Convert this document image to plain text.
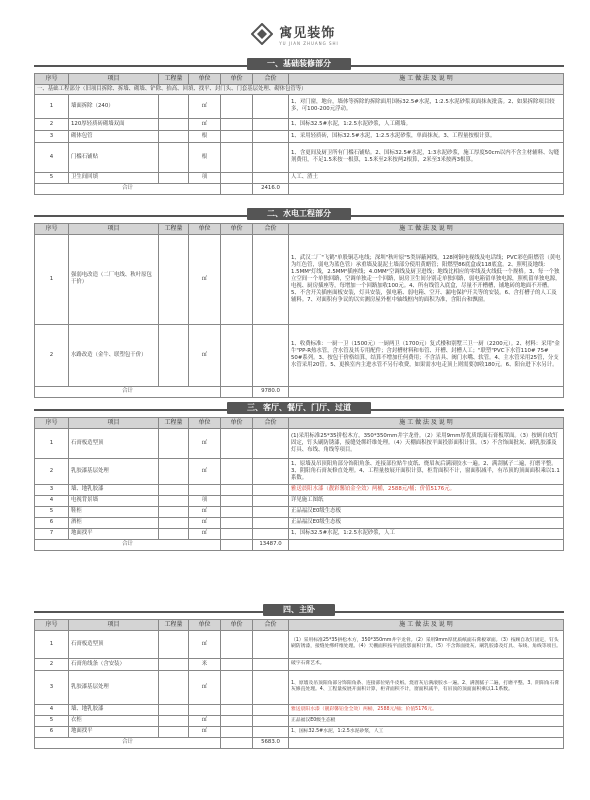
寓见装饰
YU JIAN ZHUANG SHI
一、基础装修部分
序号	项目	工程量	单位	单价	合价	施 工 做 法 及 说 明
一、基础工程部分（旧项目拆除、拆墙、砌墙、铲除、抬高、回填、找平、封门头、门套基层处理、砌体包管等）						
1	墙面拆除（240）		㎡			1、对门窗，地台，墙体等拆除的拆除面用国标32.5#水泥，1:2.5水泥砂浆双面抹灰批荡。2、如果拆除项目较多，可100-200元浮动。
2	120厚轻质砖砌墙双面		㎡			1、国标32.5#水泥，1:2.5水泥砂浆，人工砌墙。
3	砌体包管		根			1、采用轻质砖，国标32.5#水泥，1:2.5水泥砂浆，单面抹灰。3、工程量按根计算。
4	门槛石铺贴		根			1、含更间及厨卫所有门槛石铺贴。2、国标32.5#水泥，1:3水泥砂浆，施工厚度50cm以内不含主材辅料、勾缝剂费用，不足1.5米按一根算，1.5米至2米按两2根算，2米至3米按两3根算。
5	卫生间回填		项			人工、渣土
合计					2416.0	
二、水电工程部分
序号	项目	工程量	单位	单价	合价	施 工 做 法 及 说 明
1	强弱电改造（二厂电线、秋叶原包干价）		㎡			1、武汉二厂"飞鹤"单股铜芯电线；深圳"秋叶原"5类屏蔽网线，128网铜电视线及电话线；PVC彩色阻燃管（黄电为红色管，弱电为蓝色管）承重墙及混泥土墙部分使用黄蜡管；阳燃型86底盒或118底盒。2、照明及地线：1.5MM²灯线，2.5MM²插座线；4.0MM²空调线及厨卫进线；地线比相应的零线及火线低一个规格。3、每一个独立空间一个单独回路，空调单独走一个回路，厨房卫生间分别走单独回路，弱电箱留单独电源，照机留单独电源，电视、厨房插座等，每增加一个回路加收100元。4、所有线管入底盒，尽量不开槽槽，铺地砖的地面不开槽。5、不含开关插座面板安装，灯具安装，强电箱、弱电箱、空开、漏电保护开关等的安装。6、含打槽子的人工及辅料。7、对面积有争议的以实测房屋外框中轴线框内的面积为准，含阳台和飘窗。
2	水路改造（金牛、联塑包干价）		㎡			1、收费标准：一厨一卫（1500元）一厨两卫（1700元）复式楼和别墅三卫一厨（2200元）。2、材料：采用"金牛"PP-R热水管，含水管及其专用配件；含封槽材料和布管、开槽、封槽人工；"联塑"PVC下水管110# 75# 50#系列。3、按包干价格结算，结算不增加任何费用；不含洁具、阀门水嘴、软管。4、主水管采用25管，分支水管采用20管。5、更换室内主进水管不另行收费，如果需水电走顶上则需要加收180元。6、阳台进下水另计。
合计					9780.0	
三、客厅、餐厅、门厅、过道
序号	项目	工程量	单位	单价	合价	施 工 做 法 及 说 明
1	石膏板造型顶		㎡			(1)采用标准25*35拼松木方，350*350mm井字龙骨。（2）采用9mm厚优质纸面石膏板罩面。（3）按顾自攻钉固定，钉头刷防锈漆，接缝处绑纤维处理。（4）天棚面积按平面投影面积计算。（5）不含饰面批灰、刷乳胶漆及灯具、布线、角线等项目。
2	乳胶漆基层处理		㎡			1、原墙及吊顶阳角部分饰阳角条、连接部位贴牛皮纸、烧眉灰后满滚胶水一遍。2、满刮腻子二遍，打磨平整。3、阴阳角石膏灰修直处理。4、工程量按展开面积计算，柜背面积不计，窗面积减半，有吊顶的顶面面积乘以1.1系数。
3	墙、地乳胶漆					雅送晨阳水漆（靓彩馨铂金全效）两桶，2588元/桶；价值5176元。
4	电视背景墙		项			详见施工图纸
5	鞋柜		㎡			正品福汉E0级生态板
6	酒柜		㎡			正品福汉E0级生态板
7	地面找平		㎡			1、国标32.5#水泥，1:2.5水泥砂浆，人工
合计					13487.0	
四、主卧
序号	项目	工程量	单位	单价	合价	施 工 做 法 及 说 明
1	石膏板造型顶		㎡			（1）采用标准25*35拼松木方，350*350mm井字龙骨。（2）采用9mm厚优质纸面石膏板罩面。（3）按顾自攻钉固定，钉头刷防锈漆，接缝处绑纤维处理。（4）天棚面积按平面投影面积计算。（5）不含饰面批灰、刷乳胶漆及灯具、布线、角线等项目。
2	石膏角线条（含安装）		米			破字石膏艺术。
3	乳胶漆基层处理		㎡			1、原墙及吊顶阳角部分饰阳角条、连接部位贴牛皮纸、烧眉灰后满滚胶水一遍。2、满刮腻子二遍，打磨平整。3、阴阳角石膏灰修直处理。4、工程量按展开面积计算，柜背面积不计，窗面积减半，有吊顶的顶面面积乘以1.1系数。
4	墙、地乳胶漆					雅送晨阳水漆（靓彩馨铂金全效）两桶，2588元/桶；价值5176元。
5	衣柜		㎡			正品福汉E0级生态板
6	地面找平		㎡			1、国标32.5#水泥，1:2.5水泥砂浆，人工
合计					5683.0	
